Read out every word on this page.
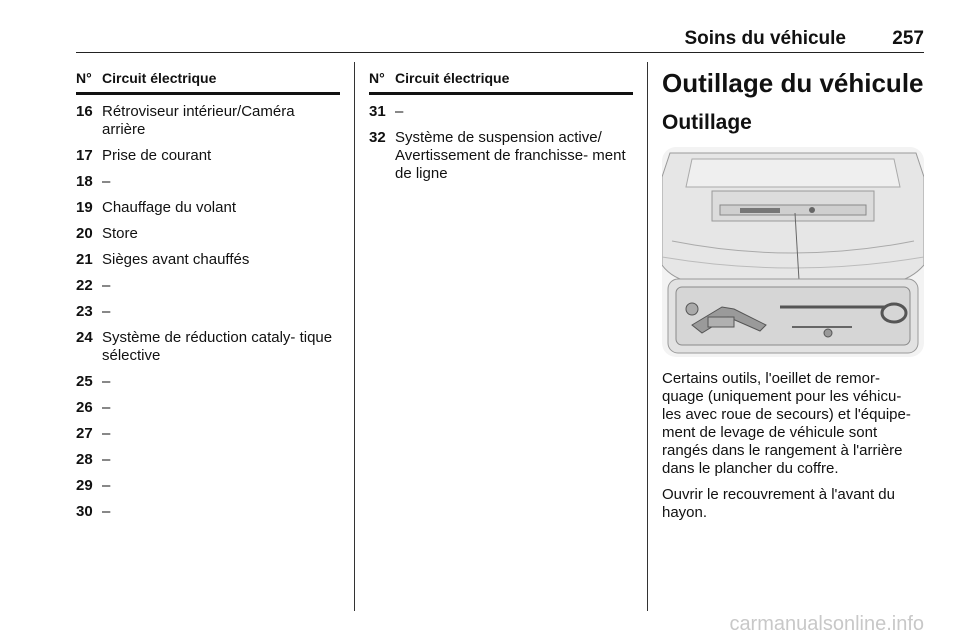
Soins du véhicule 257
N° Circuit électrique
16 Rétroviseur intérieur/Caméra arrière
17 Prise de courant
18 –
19 Chauffage du volant
20 Store
21 Sièges avant chauffés
22 –
23 –
24 Système de réduction cataly- tique sélective
25 –
26 –
27 –
28 –
29 –
30 –
N° Circuit électrique
31 –
32 Système de suspension active/ Avertissement de franchisse- ment de ligne
Outillage du véhicule
Outillage

Certains outils, l'oeillet de remor- quage (uniquement pour les véhicu- les avec roue de secours) et l'équipe- ment de levage de véhicule sont rangés dans le rangement à l'arrière dans le plancher du coffre.

Ouvrir le recouvrement à l'avant du hayon.

carmanualsonline.info
